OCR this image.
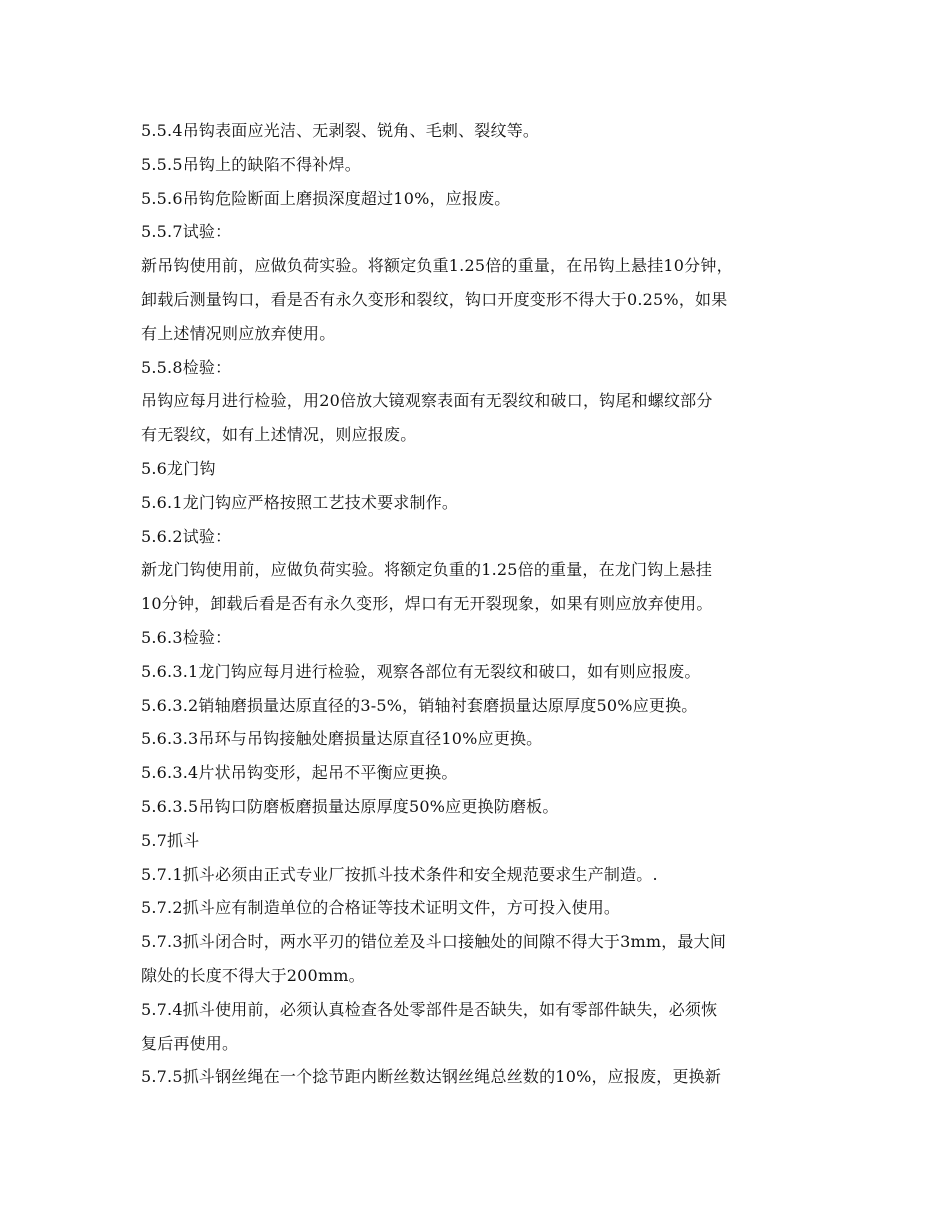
5.5.4吊钩表面应光洁、无剥裂、锐角、毛刺、裂纹等。
5.5.5吊钩上的缺陷不得补焊。
5.5.6吊钩危险断面上磨损深度超过10%，应报废。
5.5.7试验：
新吊钩使用前，应做负荷实验。将额定负重1.25倍的重量，在吊钩上悬挂10分钟，
卸载后测量钩口，看是否有永久变形和裂纹，钩口开度变形不得大于0.25%，如果
有上述情况则应放弃使用。
5.5.8检验：
吊钩应每月进行检验，用20倍放大镜观察表面有无裂纹和破口，钩尾和螺纹部分
有无裂纹，如有上述情况，则应报废。
5.6龙门钩
5.6.1龙门钩应严格按照工艺技术要求制作。
5.6.2试验：
新龙门钩使用前，应做负荷实验。将额定负重的1.25倍的重量，在龙门钩上悬挂
10分钟，卸载后看是否有永久变形，焊口有无开裂现象，如果有则应放弃使用。
5.6.3检验：
5.6.3.1龙门钩应每月进行检验，观察各部位有无裂纹和破口，如有则应报废。
5.6.3.2销轴磨损量达原直径的3-5%，销轴衬套磨损量达原厚度50%应更换。
5.6.3.3吊环与吊钩接触处磨损量达原直径10%应更换。
5.6.3.4片状吊钩变形，起吊不平衡应更换。
5.6.3.5吊钩口防磨板磨损量达原厚度50%应更换防磨板。
5.7抓斗
5.7.1抓斗必须由正式专业厂按抓斗技术条件和安全规范要求生产制造。.
5.7.2抓斗应有制造单位的合格证等技术证明文件，方可投入使用。
5.7.3抓斗闭合时，两水平刃的错位差及斗口接触处的间隙不得大于3mm，最大间
隙处的长度不得大于200mm。
5.7.4抓斗使用前，必须认真检查各处零部件是否缺失，如有零部件缺失，必须恢
复后再使用。
5.7.5抓斗钢丝绳在一个捻节距内断丝数达钢丝绳总丝数的10%，应报废，更换新
